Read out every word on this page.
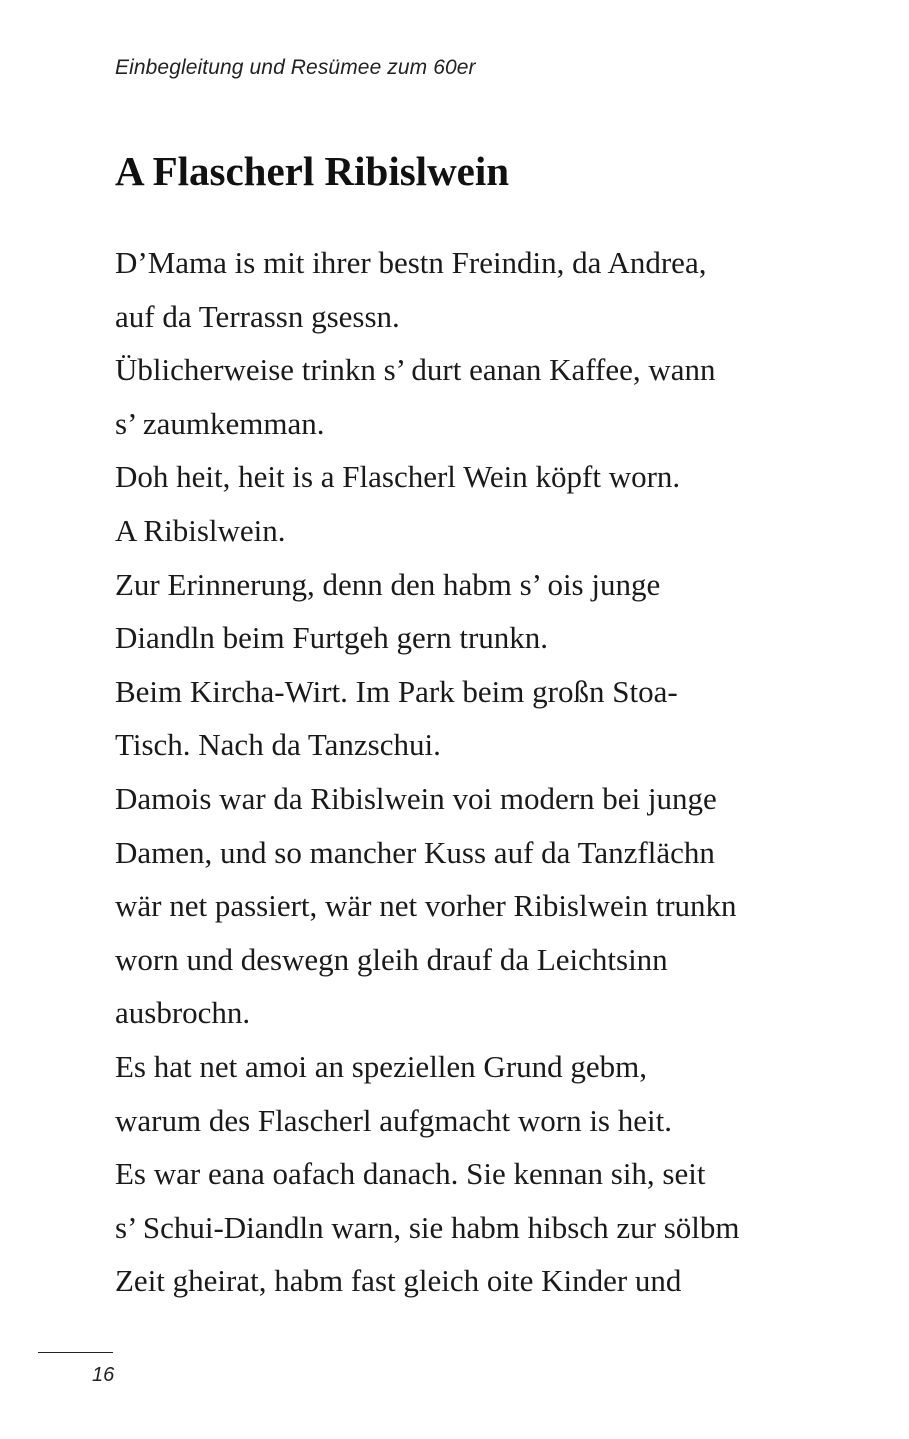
Einbegleitung und Resümee zum 60er
A Flascherl Ribislwein
D’Mama is mit ihrer bestn Freindin, da Andrea,
auf da Terrassn gsessn.
Üblicherweise trinkn s’ durt eanan Kaffee, wann
s’ zaumkemman.
Doh heit, heit is a Flascherl Wein köpft worn.
A Ribislwein.
Zur Erinnerung, denn den habm s’ ois junge
Diandln beim Furtgeh gern trunkn.
Beim Kircha-Wirt. Im Park beim großn Stoa-
Tisch. Nach da Tanzschui.
Damois war da Ribislwein voi modern bei junge
Damen, und so mancher Kuss auf da Tanzflächn
wär net passiert, wär net vorher Ribislwein trunkn
worn und deswegn gleih drauf da Leichtsinn
ausbrochn.
Es hat net amoi an speziellen Grund gebm,
warum des Flascherl aufgmacht worn is heit.
Es war eana oafach danach. Sie kennan sih, seit
s’ Schui-Diandln warn, sie habm hibsch zur sölbm
Zeit gheirat, habm fast gleich oite Kinder und
16
